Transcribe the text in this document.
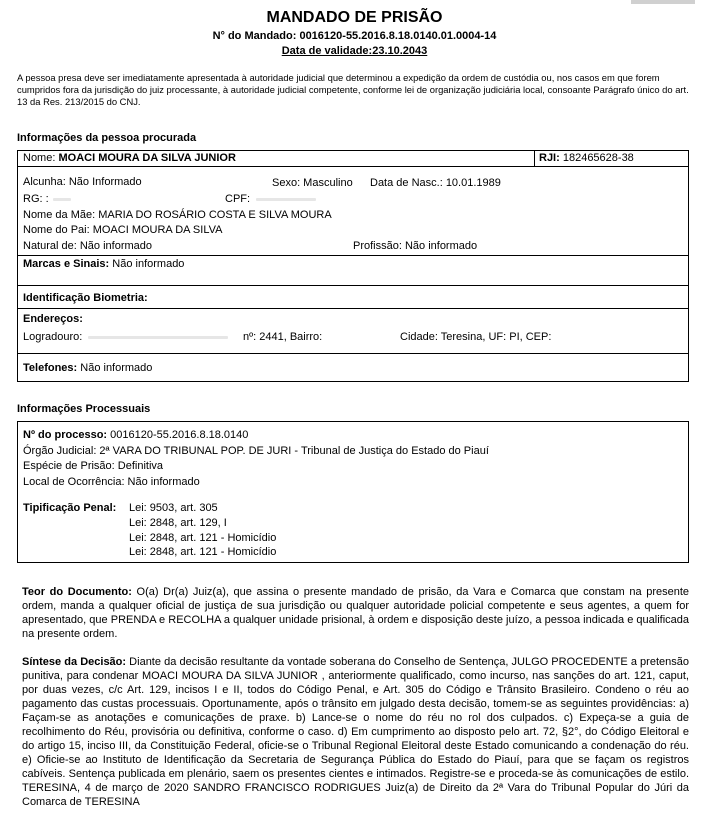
MANDADO DE PRISÃO
N° do Mandado: 0016120-55.2016.8.18.0140.01.0004-14
Data de validade:23.10.2043

A pessoa presa deve ser imediatamente apresentada à autoridade judicial que determinou a expedição da ordem de custódia ou, nos casos em que forem cumpridos fora da jurisdição do juiz processante, à autoridade judicial competente, conforme lei de organização judiciária local, consoante Parágrafo único do art. 13 da Res. 213/2015 do CNJ.

Informações da pessoa procurada
Nome: MOACI MOURA DA SILVA JUNIOR	RJI: 182465628-38
Alcunha: Não Informado	Sexo: Masculino Data de Nasc.: 10.01.1989
RG: :	CPF:
Nome da Mãe: MARIA DO ROSÁRIO COSTA E SILVA MOURA
Nome do Pai: MOACI MOURA DA SILVA
Natural de: Não informado	Profissão: Não informado
Marcas e Sinais: Não informado
Identificação Biometria:
Endereços:
Logradouro:	nº: 2441, Bairro:	Cidade: Teresina, UF: PI, CEP:
Telefones: Não informado
Informações Processuais
Nº do processo: 0016120-55.2016.8.18.0140
Órgão Judicial: 2ª VARA DO TRIBUNAL POP. DE JURI - Tribunal de Justiça do Estado do Piauí
Espécie de Prisão: Definitiva
Local de Ocorrência: Não informado
Tipificação Penal: Lei: 9503, art. 305
Lei: 2848, art. 129, I
Lei: 2848, art. 121 - Homicídio
Lei: 2848, art. 121 - Homicídio

Teor do Documento: O(a) Dr(a) Juiz(a), que assina o presente mandado de prisão, da Vara e Comarca que constam na presente ordem, manda a qualquer oficial de justiça de sua jurisdição ou qualquer autoridade policial competente e seus agentes, a quem for apresentado, que PRENDA e RECOLHA a qualquer unidade prisional, à ordem e disposição deste juízo, a pessoa indicada e qualificada na presente ordem.

Síntese da Decisão: Diante da decisão resultante da vontade soberana do Conselho de Sentença, JULGO PROCEDENTE a pretensão punitiva, para condenar MOACI MOURA DA SILVA JUNIOR , anteriormente qualificado, como incurso, nas sanções do art. 121, caput, por duas vezes, c/c Art. 129, incisos I e II, todos do Código Penal, e Art. 305 do Código e Trânsito Brasileiro. Condeno o réu ao pagamento das custas processuais. Oportunamente, após o trânsito em julgado desta decisão, tomem-se as seguintes providências: a) Façam-se as anotações e comunicações de praxe. b) Lance-se o nome do réu no rol dos culpados. c) Expeça-se a guia de recolhimento do Réu, provisória ou definitiva, conforme o caso. d) Em cumprimento ao disposto pelo art. 72, §2°, do Código Eleitoral e do artigo 15, inciso III, da Constituição Federal, oficie-se o Tribunal Regional Eleitoral deste Estado comunicando a condenação do réu. e) Oficie-se ao Instituto de Identificação da Secretaria de Segurança Pública do Estado do Piauí, para que se façam os registros cabíveis. Sentença publicada em plenário, saem os presentes cientes e intimados. Registre-se e proceda-se às comunicações de estilo. TERESINA, 4 de março de 2020 SANDRO FRANCISCO RODRIGUES Juiz(a) de Direito da 2ª Vara do Tribunal Popular do Júri da Comarca de TERESINA
